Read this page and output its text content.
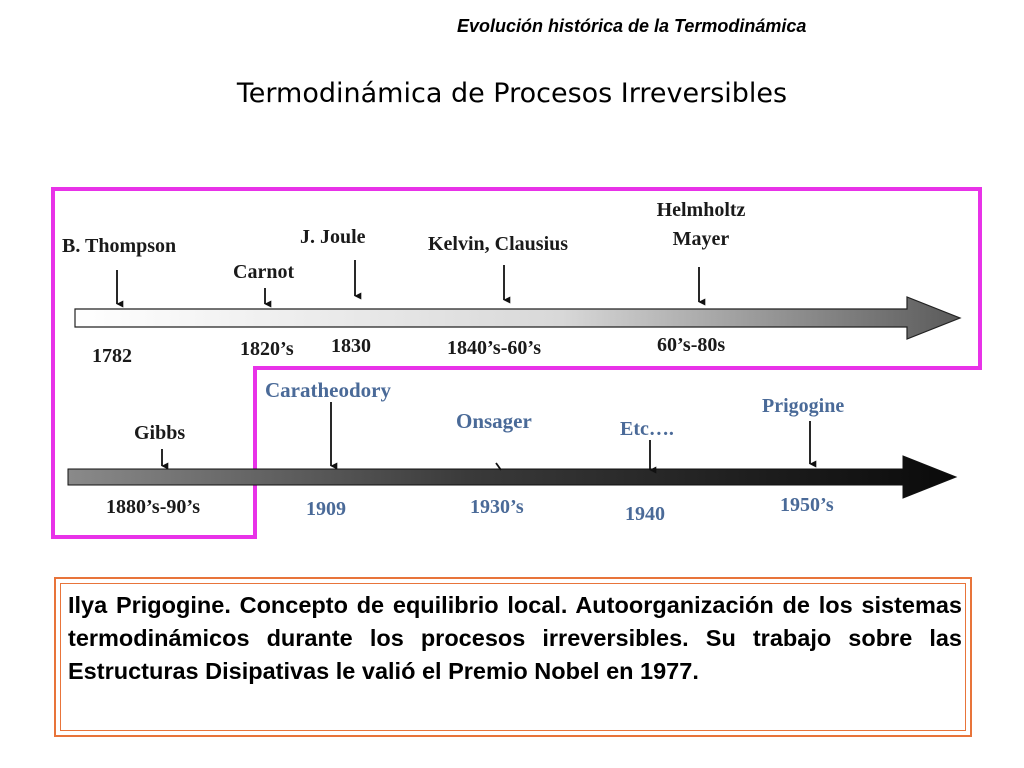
Evolución histórica de la Termodinámica
Termodinámica de Procesos Irreversibles
B. Thompson
Carnot
J. Joule	Kelvin, Clausius
Helmholtz
Mayer
1782	1820’s 1830	1840’s-60’s	60’s-80s
Gibbs
Caratheodory
Onsager	Etc….
Prigogine
1880’s-90’s	1909	1930’s	1940	1950’s
Ilya Prigogine. Concepto de equilibrio local. Autoorganización de los sistemas termodinámicos durante los procesos irreversibles. Su trabajo sobre las Estructuras Disipativas le valió el Premio Nobel en 1977.
